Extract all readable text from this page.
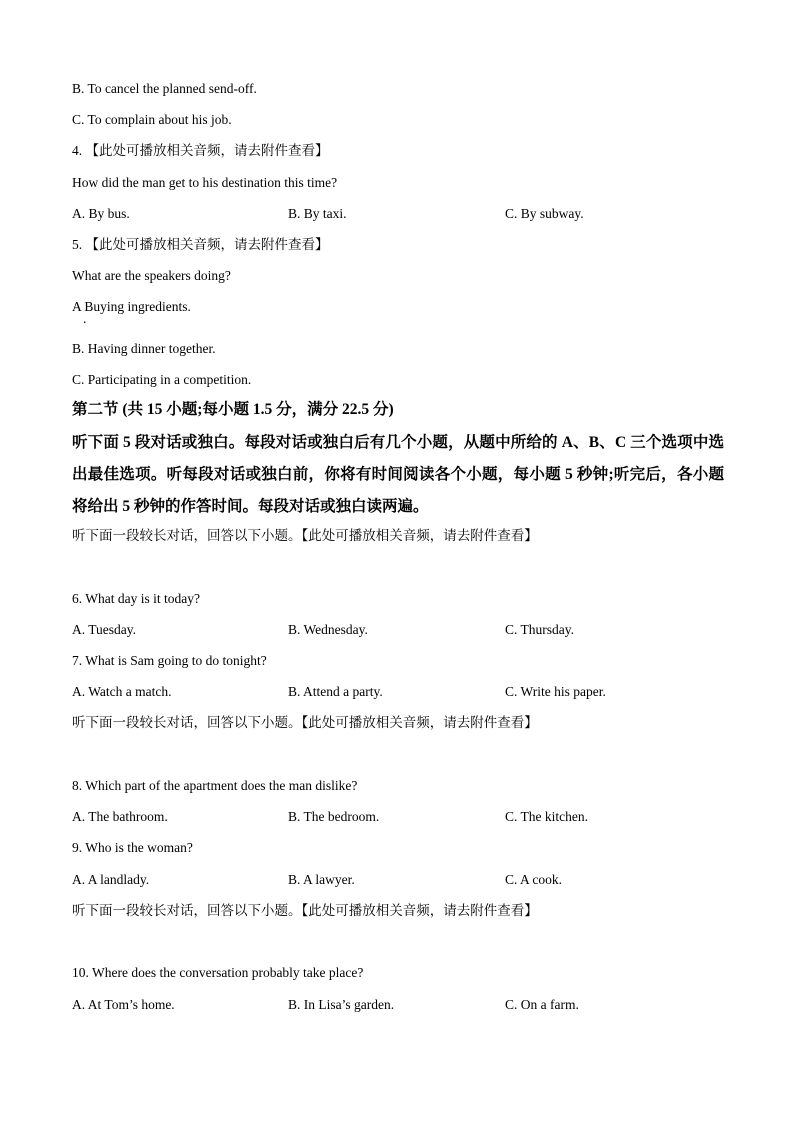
B. To cancel the planned send-off.
C. To complain about his job.
4. 【此处可播放相关音频，请去附件查看】
How did the man get to his destination this time?
A. By bus.	B. By taxi.	C. By subway.
5. 【此处可播放相关音频，请去附件查看】
What are the speakers doing?
A Buying ingredients.
.
B. Having dinner together.
C. Participating in a competition.
第二节 (共 15 小题;每小题 1.5 分，满分 22.5 分)
听下面 5 段对话或独白。每段对话或独白后有几个小题，从题中所给的 A、B、C 三个选项中选出最佳选项。听每段对话或独白前，你将有时间阅读各个小题，每小题 5 秒钟;听完后，各小题将给出 5 秒钟的作答时间。每段对话或独白读两遍。
听下面一段较长对话，回答以下小题。【此处可播放相关音频，请去附件查看】
6. What day is it today?
A. Tuesday.	B. Wednesday.	C. Thursday.
7. What is Sam going to do tonight?
A. Watch a match.	B. Attend a party.	C. Write his paper.
听下面一段较长对话，回答以下小题。【此处可播放相关音频，请去附件查看】
8. Which part of the apartment does the man dislike?
A. The bathroom.	B. The bedroom.	C. The kitchen.
9. Who is the woman?
A. A landlady.	B. A lawyer.	C. A cook.
听下面一段较长对话，回答以下小题。【此处可播放相关音频，请去附件查看】
10. Where does the conversation probably take place?
A. At Tom’s home.	B. In Lisa’s garden.	C. On a farm.
